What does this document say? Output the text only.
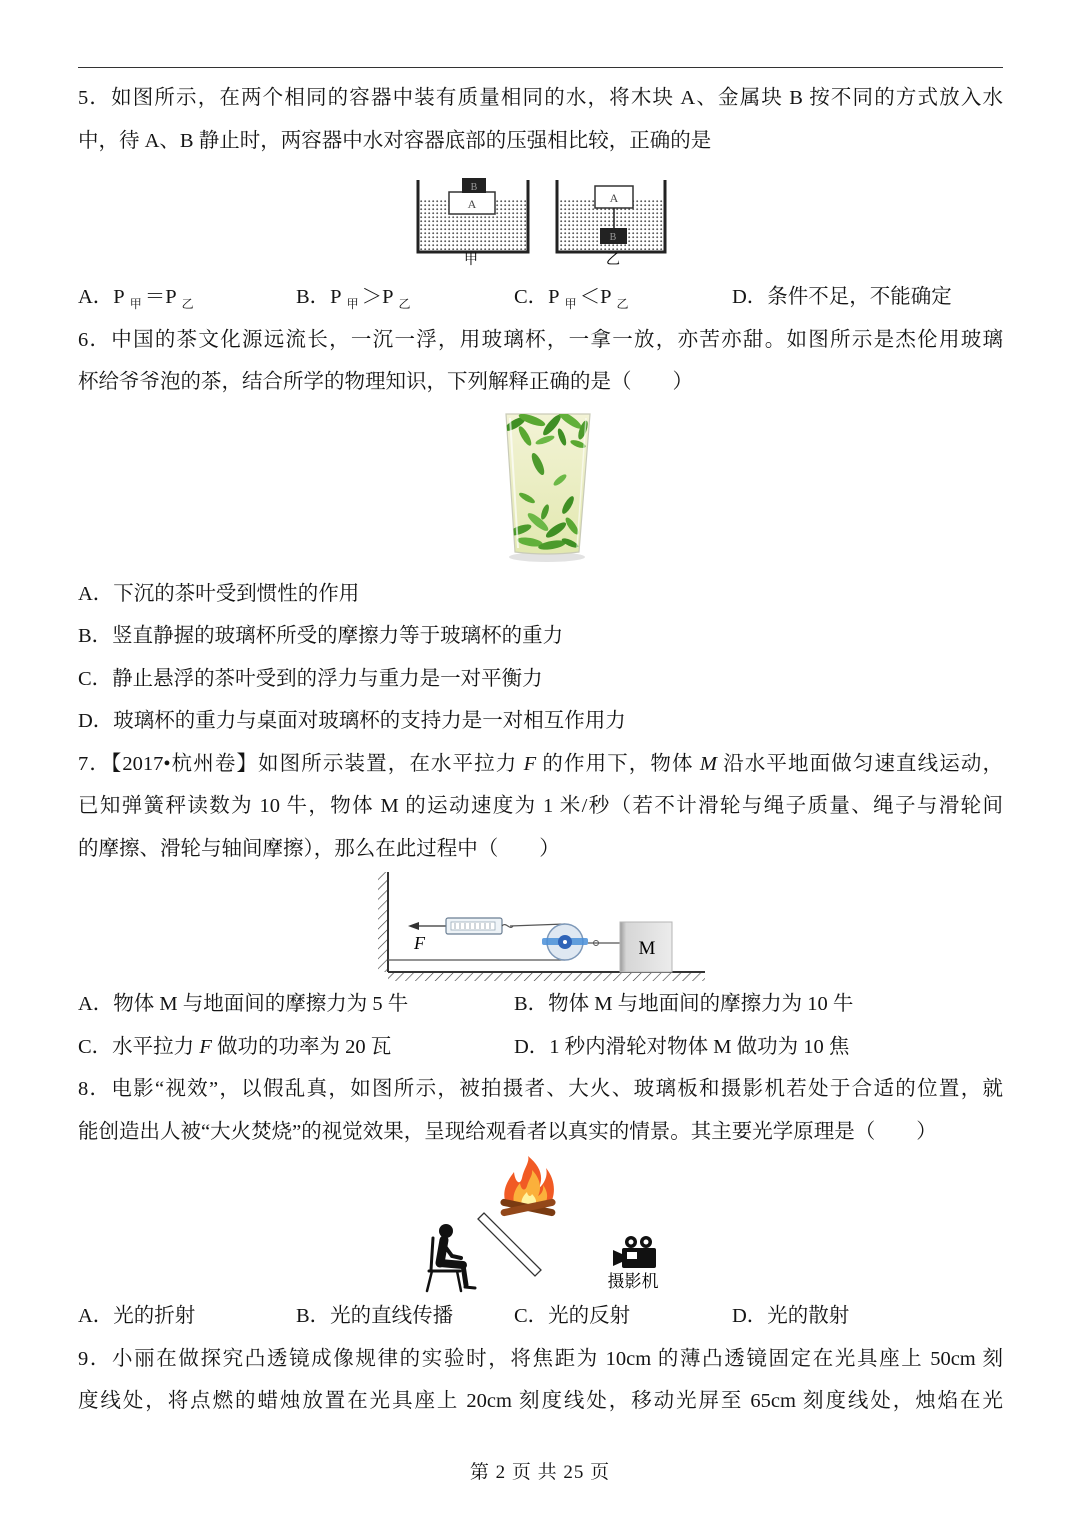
5．如图所示，在两个相同的容器中装有质量相同的水，将木块 A、金属块 B 按不同的方式放入水
中，待 A、B 静止时，两容器中水对容器底部的压强相比较，正确的是
A
B
甲
A
B
乙
A．P $_甲$ ＝P $_乙$	B．P $_甲$ ＞P $_乙$	C．P $_甲$ ＜P $_乙$	D．条件不足，不能确定
6．中国的茶文化源远流长，一沉一浮，用玻璃杯，一拿一放，亦苦亦甜。如图所示是杰伦用玻璃
杯给爷爷泡的茶，结合所学的物理知识，下列解释正确的是（　　）
A．下沉的茶叶受到惯性的作用
B．竖直静握的玻璃杯所受的摩擦力等于玻璃杯的重力
C．静止悬浮的茶叶受到的浮力与重力是一对平衡力
D．玻璃杯的重力与桌面对玻璃杯的支持力是一对相互作用力
7．【2017•杭州卷】如图所示装置，在水平拉力 F 的作用下，物体 M 沿水平地面做匀速直线运动，
已知弹簧秤读数为 10 牛，物体 M 的运动速度为 1 米/秒（若不计滑轮与绳子质量、绳子与滑轮间
的摩擦、滑轮与轴间摩擦），那么在此过程中（　　）
F	M
A．物体 M 与地面间的摩擦力为 5 牛	B．物体 M 与地面间的摩擦力为 10 牛
C．水平拉力 F 做功的功率为 20 瓦	D．1 秒内滑轮对物体 M 做功为 10 焦
8．电影“视效”，以假乱真，如图所示，被拍摄者、大火、玻璃板和摄影机若处于合适的位置，就
能创造出人被“大火焚烧”的视觉效果，呈现给观看者以真实的情景。其主要光学原理是（　　）
摄影机
A．光的折射	B．光的直线传播	C．光的反射	D．光的散射
9．小丽在做探究凸透镜成像规律的实验时，将焦距为 10cm 的薄凸透镜固定在光具座上 50cm 刻
度线处，将点燃的蜡烛放置在光具座上 20cm 刻度线处，移动光屏至 65cm 刻度线处，烛焰在光
第 2 页 共 25 页
